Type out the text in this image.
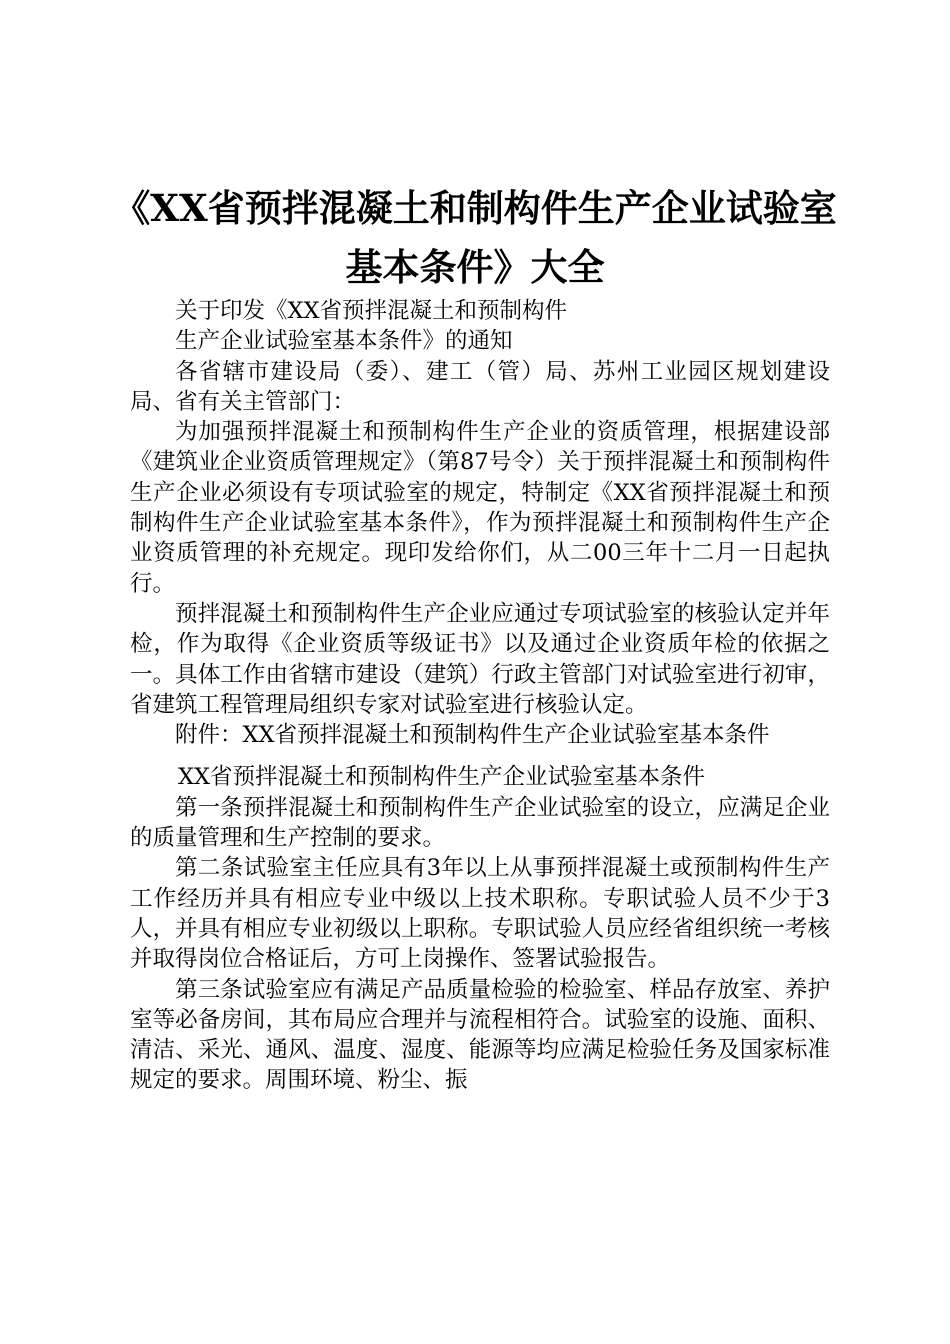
《XX省预拌混凝土和制构件生产企业试验室
基本条件》大全

关于印发《XX省预拌混凝土和预制构件

生产企业试验室基本条件》的通知

各省辖市建设局（委）、建工（管）局、苏州工业园区规划建设局、省有关主管部门：

为加强预拌混凝土和预制构件生产企业的资质管理，根据建设部《建筑业企业资质管理规定》（第87号令）关于预拌混凝土和预制构件生产企业必须设有专项试验室的规定，特制定《XX省预拌混凝土和预制构件生产企业试验室基本条件》，作为预拌混凝土和预制构件生产企业资质管理的补充规定。现印发给你们，从二00三年十二月一日起执行。

预拌混凝土和预制构件生产企业应通过专项试验室的核验认定并年检，作为取得《企业资质等级证书》以及通过企业资质年检的依据之一。具体工作由省辖市建设（建筑）行政主管部门对试验室进行初审，省建筑工程管理局组织专家对试验室进行核验认定。

附件：XX省预拌混凝土和预制构件生产企业试验室基本条件

XX省预拌混凝土和预制构件生产企业试验室基本条件

第一条预拌混凝土和预制构件生产企业试验室的设立，应满足企业的质量管理和生产控制的要求。

第二条试验室主任应具有3年以上从事预拌混凝土或预制构件生产工作经历并具有相应专业中级以上技术职称。专职试验人员不少于3人，并具有相应专业初级以上职称。专职试验人员应经省组织统一考核并取得岗位合格证后，方可上岗操作、签署试验报告。

第三条试验室应有满足产品质量检验的检验室、样品存放室、养护室等必备房间，其布局应合理并与流程相符合。试验室的设施、面积、清洁、采光、通风、温度、湿度、能源等均应满足检验任务及国家标准规定的要求。周围环境、粉尘、振
